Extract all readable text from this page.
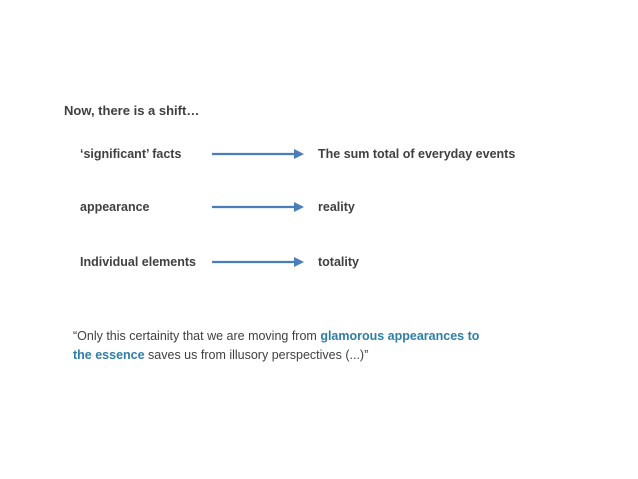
Now, there is a shift…
‘significant’ facts	The sum total of everyday events
appearance	reality
Individual elements	totality
“Only this certainity that we are moving from glamorous appearances to
the essence saves us from illusory perspectives (...)”
